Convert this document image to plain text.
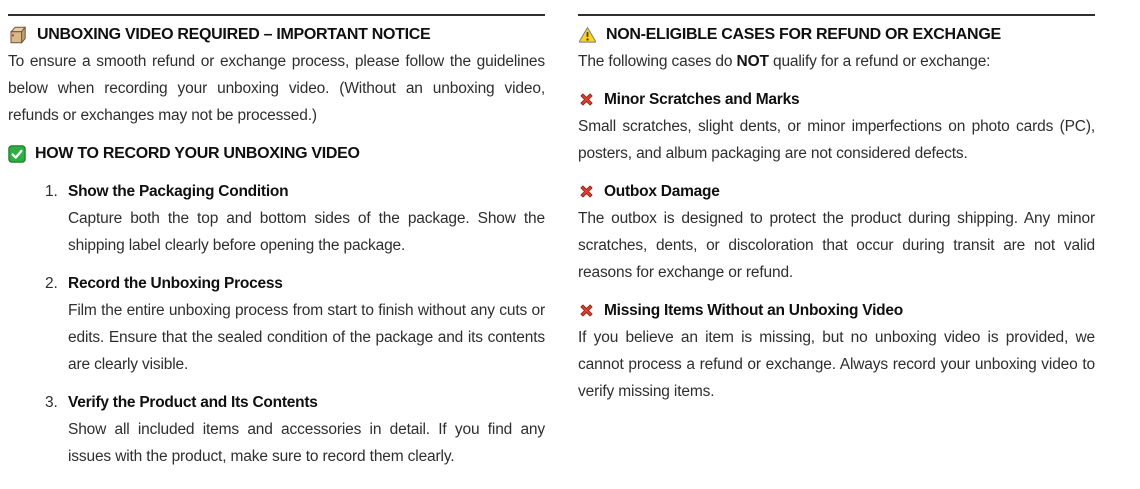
UNBOXING VIDEO REQUIRED – IMPORTANT NOTICE

To ensure a smooth refund or exchange process, please follow the guidelines below when recording your unboxing video. (Without an unboxing video, refunds or exchanges may not be processed.)

HOW TO RECORD YOUR UNBOXING VIDEO
1. Show the Packaging Condition
Capture both the top and bottom sides of the package. Show the shipping label clearly before opening the package.
2. Record the Unboxing Process
Film the entire unboxing process from start to finish without any cuts or edits. Ensure that the sealed condition of the package and its contents are clearly visible.
3. Verify the Product and Its Contents
Show all included items and accessories in detail. If you find any issues with the product, make sure to record them clearly.
NON-ELIGIBLE CASES FOR REFUND OR EXCHANGE

The following cases do NOT qualify for a refund or exchange:

Minor Scratches and Marks

Small scratches, slight dents, or minor imperfections on photo cards (PC), posters, and album packaging are not considered defects.

Outbox Damage

The outbox is designed to protect the product during shipping. Any minor scratches, dents, or discoloration that occur during transit are not valid reasons for exchange or refund.

Missing Items Without an Unboxing Video

If you believe an item is missing, but no unboxing video is provided, we cannot process a refund or exchange. Always record your unboxing video to verify missing items.
